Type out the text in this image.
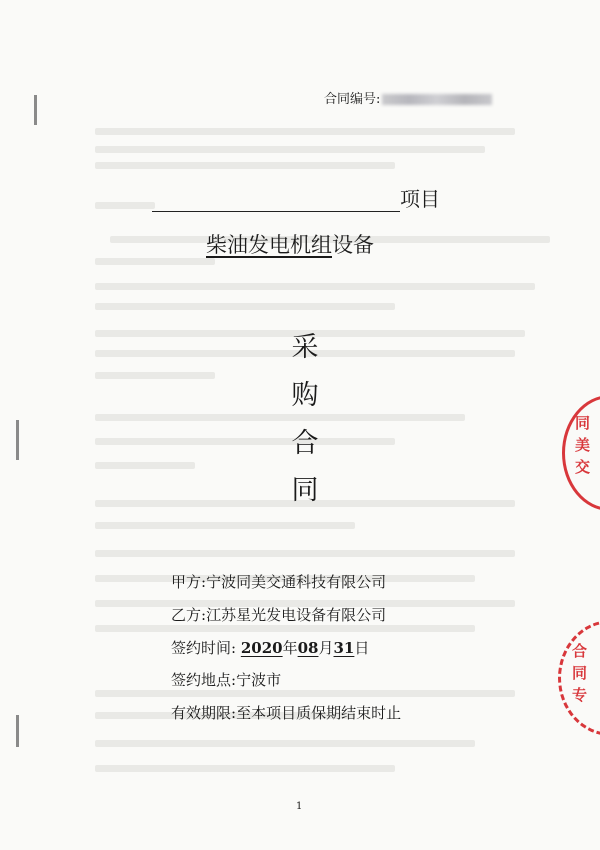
合同编号:
项目
柴油发电机组设备
采
购
合
同
甲方:宁波同美交通科技有限公司
乙方:江苏星光发电设备有限公司
签约时间: 2020年08月31日
签约地点:宁波市
有效期限:至本项目质保期结束时止
1
同美交
合同专
